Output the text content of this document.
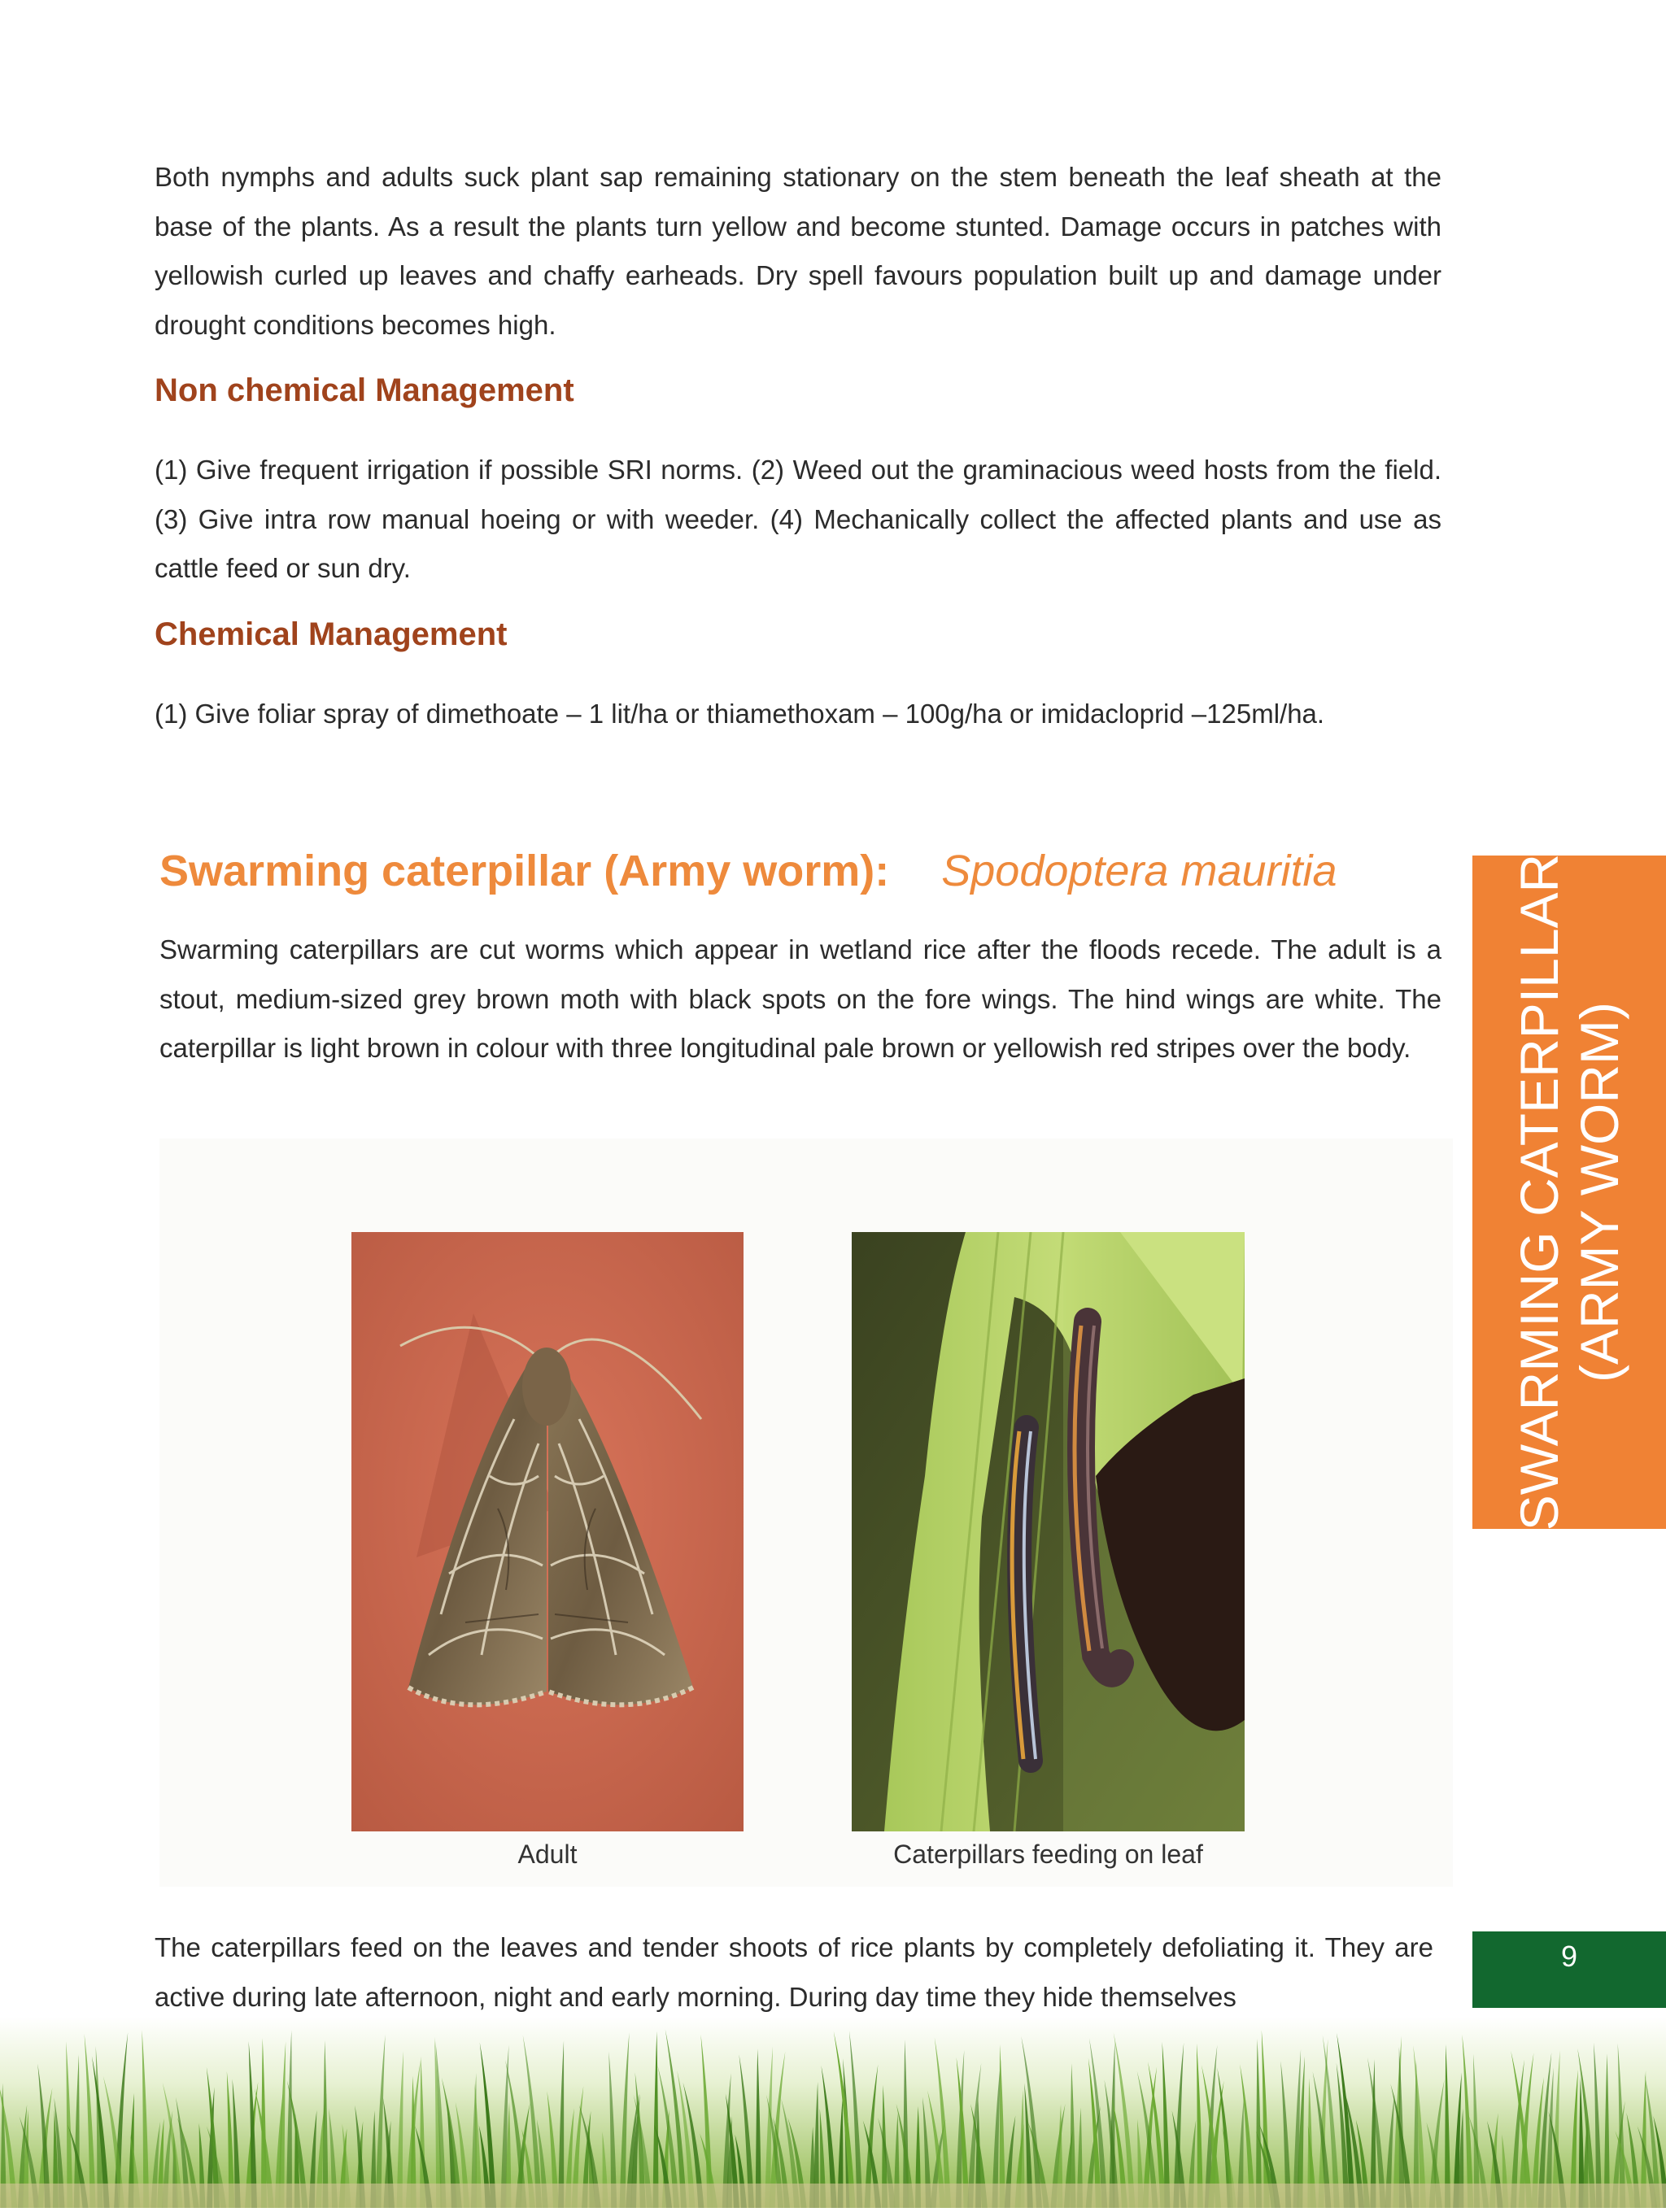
Both nymphs and adults suck plant sap remaining stationary on the stem beneath the leaf sheath at the base of the plants. As a result the plants turn yellow and become stunted. Damage occurs in patches with yellowish curled up leaves and chaffy earheads. Dry spell favours population built up and damage under drought conditions becomes high.

Non chemical Management

(1) Give frequent irrigation if possible SRI norms. (2) Weed out the graminacious weed hosts from the field. (3) Give intra row manual hoeing or with weeder. (4) Mechanically collect the affected plants and use as cattle feed or sun dry.

Chemical Management

(1) Give foliar spray of dimethoate – 1 lit/ha or thiamethoxam – 100g/ha or imidacloprid –125ml/ha.

Swarming caterpillar (Army worm): Spodoptera mauritia

Swarming caterpillars are cut worms which appear in wetland rice after the floods recede. The adult is a stout, medium-sized grey brown moth with black spots on the fore wings. The hind wings are white. The caterpillar is light brown in colour with three longitudinal pale brown or yellowish red stripes over the body.

Adult	Caterpillars feeding on leaf

The caterpillars feed on the leaves and tender shoots of rice plants by completely defoliating it. They are active during late afternoon, night and early morning. During day time they hide themselves

SWARMING CATERPILLAR (ARMY WORM)
9
